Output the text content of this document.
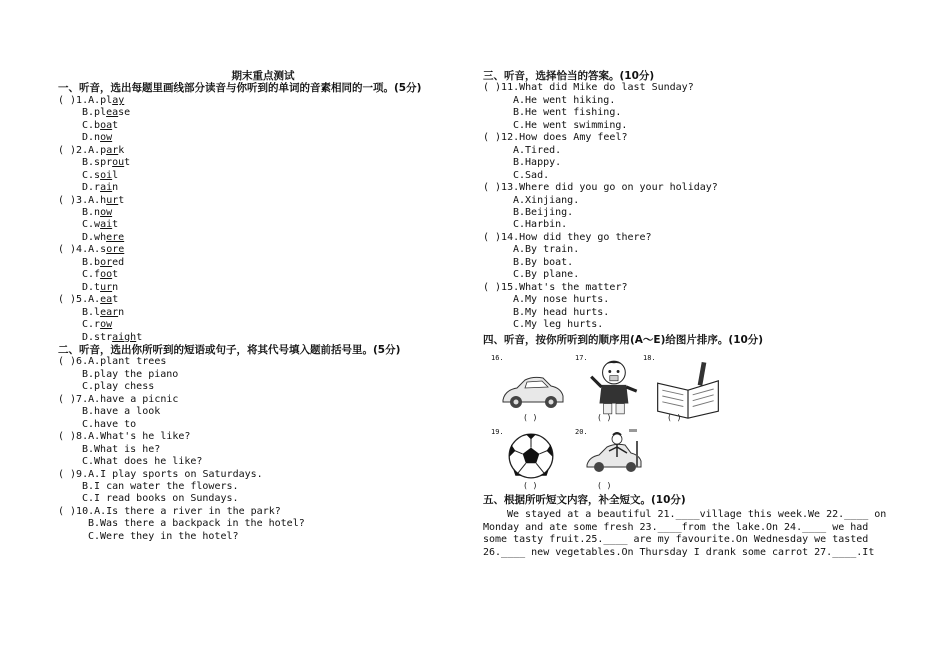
期末重点测试
一、听音，选出每题里画线部分读音与你听到的单词的音素相同的一项。(5分)
( )1.A.play
B.please
C.boat
D.now
( )2.A.park
B.sprout
C.soil
D.rain
( )3.A.hurt
B.now
C.wait
D.where
( )4.A.sore
B.bored
C.foot
D.turn
( )5.A.eat
B.learn
C.row
D.straight
二、听音，选出你所听到的短语或句子，将其代号填入题前括号里。(5分)
( )6.A.plant trees
B.play the piano
C.play chess
( )7.A.have a picnic
B.have a look
C.have to
( )8.A.What's he like?
B.What is he?
C.What does he like?
( )9.A.I play sports on Saturdays.
B.I can water the flowers.
C.I read books on Sundays.
( )10.A.Is there a river in the park?
B.Was there a backpack in the hotel?
C.Were they in the hotel?
三、听音，选择恰当的答案。(10分)
( )11.What did Mike do last Sunday?
A.He went hiking.
B.He went fishing.
C.He went swimming.
( )12.How does Amy feel?
A.Tired.
B.Happy.
C.Sad.
( )13.Where did you go on your holiday?
A.Xinjiang.
B.Beijing.
C.Harbin.
( )14.How did they go there?
A.By train.
B.By boat.
C.By plane.
( )15.What's the matter?
A.My nose hurts.
B.My head hurts.
C.My leg hurts.
四、听音，按你所听到的顺序用(A～E)给图片排序。(10分)
16.
( )
17.
( )
18.
( )
19.
( )
20.
( )
五、根据所听短文内容，补全短文。(10分)
We stayed at a beautiful 21.____village this week.We 22.____ on
Monday and ate some fresh 23.____from the lake.On 24.____ we had
some tasty fruit.25.____ are my favourite.On Wednesday we tasted
26.____ new vegetables.On Thursday I drank some carrot 27.____.It
